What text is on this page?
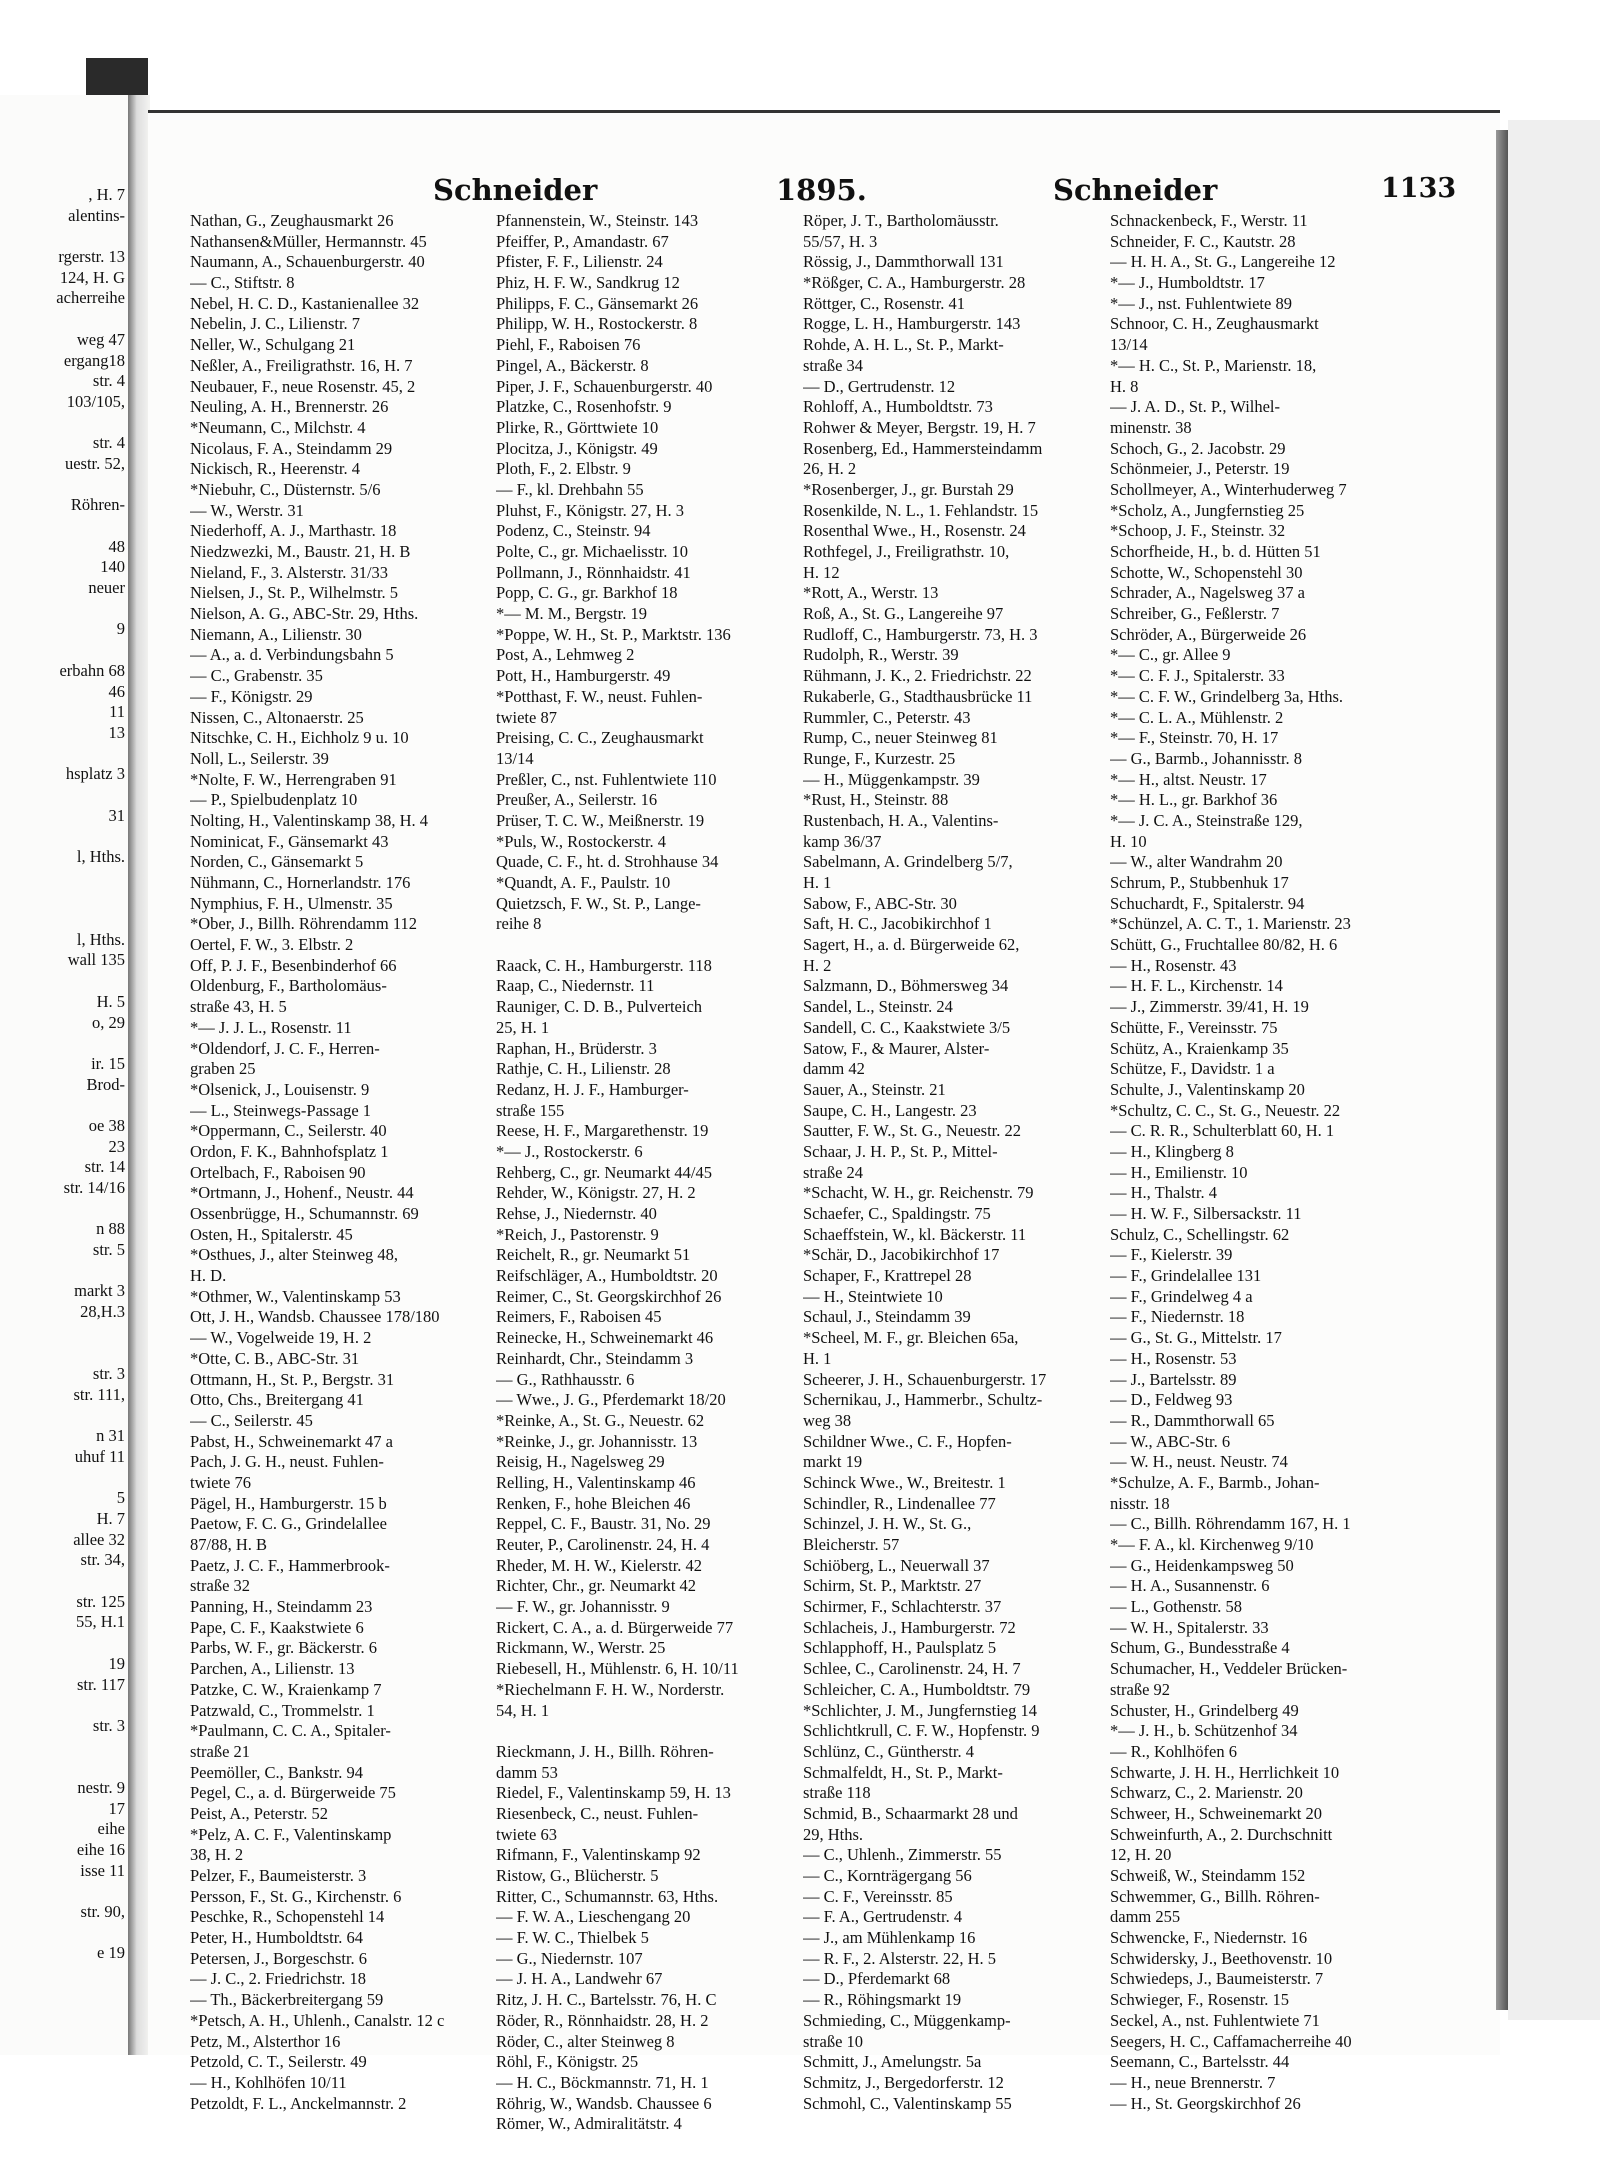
, H. 7
alentins-
rgerstr. 13
124, H. G
acherreihe
weg 47
ergang18
str. 4
103/105,
str. 4
uestr. 52,
Röhren-
48
140
neuer
9
erbahn 68
46
11
13
hsplatz 3
31
l, Hths.
l, Hths.
wall 135
H. 5
o, 29
ir. 15
Brod-
oe 38
23
str. 14
str. 14/16
n 88
str. 5
markt 3
28,H.3
str. 3
str. 111,
n 31
uhuf 11
5
H. 7
allee 32
str. 34,
str. 125
55, H.1
19
str. 117
str. 3
nestr. 9
17
eihe
eihe 16
isse 11
str. 90,
e 19
Schneider	1895.	Schneider	1133
Nathan, G., Zeughausmarkt 26
Nathansen&Müller, Hermannstr. 45
Naumann, A., Schauenburgerstr. 40
— C., Stiftstr. 8
Nebel, H. C. D., Kastanienallee 32
Nebelin, J. C., Lilienstr. 7
Neller, W., Schulgang 21
Neßler, A., Freiligrathstr. 16, H. 7
Neubauer, F., neue Rosenstr. 45, 2
Neuling, A. H., Brennerstr. 26
*Neumann, C., Milchstr. 4
Nicolaus, F. A., Steindamm 29
Nickisch, R., Heerenstr. 4
*Niebuhr, C., Düsternstr. 5/6
— W., Werstr. 31
Niederhoff, A. J., Marthastr. 18
Niedzwezki, M., Baustr. 21, H. B
Nieland, F., 3. Alsterstr. 31/33
Nielsen, J., St. P., Wilhelmstr. 5
Nielson, A. G., ABC-Str. 29, Hths.
Niemann, A., Lilienstr. 30
— A., a. d. Verbindungsbahn 5
— C., Grabenstr. 35
— F., Königstr. 29
Nissen, C., Altonaerstr. 25
Nitschke, C. H., Eichholz 9 u. 10
Noll, L., Seilerstr. 39
*Nolte, F. W., Herrengraben 91
— P., Spielbudenplatz 10
Nolting, H., Valentinskamp 38, H. 4
Nominicat, F., Gänsemarkt 43
Norden, C., Gänsemarkt 5
Nühmann, C., Hornerlandstr. 176
Nymphius, F. H., Ulmenstr. 35
*Ober, J., Billh. Röhrendamm 112
Oertel, F. W., 3. Elbstr. 2
Off, P. J. F., Besenbinderhof 66
Oldenburg, F., Bartholomäus-
straße 43, H. 5
*— J. J. L., Rosenstr. 11
*Oldendorf, J. C. F., Herren-
graben 25
*Olsenick, J., Louisenstr. 9
— L., Steinwegs-Passage 1
*Oppermann, C., Seilerstr. 40
Ordon, F. K., Bahnhofsplatz 1
Ortelbach, F., Raboisen 90
*Ortmann, J., Hohenf., Neustr. 44
Ossenbrügge, H., Schumannstr. 69
Osten, H., Spitalerstr. 45
*Osthues, J., alter Steinweg 48,
H. D.
*Othmer, W., Valentinskamp 53
Ott, J. H., Wandsb. Chaussee 178/180
— W., Vogelweide 19, H. 2
*Otte, C. B., ABC-Str. 31
Ottmann, H., St. P., Bergstr. 31
Otto, Chs., Breitergang 41
— C., Seilerstr. 45
Pabst, H., Schweinemarkt 47 a
Pach, J. G. H., neust. Fuhlen-
twiete 76
Pägel, H., Hamburgerstr. 15 b
Paetow, F. C. G., Grindelallee
87/88, H. B
Paetz, J. C. F., Hammerbrook-
straße 32
Panning, H., Steindamm 23
Pape, C. F., Kaakstwiete 6
Parbs, W. F., gr. Bäckerstr. 6
Parchen, A., Lilienstr. 13
Patzke, C. W., Kraienkamp 7
Patzwald, C., Trommelstr. 1
*Paulmann, C. C. A., Spitaler-
straße 21
Peemöller, C., Bankstr. 94
Pegel, C., a. d. Bürgerweide 75
Peist, A., Peterstr. 52
*Pelz, A. C. F., Valentinskamp
38, H. 2
Pelzer, F., Baumeisterstr. 3
Persson, F., St. G., Kirchenstr. 6
Peschke, R., Schopenstehl 14
Peter, H., Humboldtstr. 64
Petersen, J., Borgeschstr. 6
— J. C., 2. Friedrichstr. 18
— Th., Bäckerbreitergang 59
*Petsch, A. H., Uhlenh., Canalstr. 12 c
Petz, M., Alsterthor 16
Petzold, C. T., Seilerstr. 49
— H., Kohlhöfen 10/11
Petzoldt, F. L., Anckelmannstr. 2
Pfannenstein, W., Steinstr. 143
Pfeiffer, P., Amandastr. 67
Pfister, F. F., Lilienstr. 24
Phiz, H. F. W., Sandkrug 12
Philipps, F. C., Gänsemarkt 26
Philipp, W. H., Rostockerstr. 8
Piehl, F., Raboisen 76
Pingel, A., Bäckerstr. 8
Piper, J. F., Schauenburgerstr. 40
Platzke, C., Rosenhofstr. 9
Plirke, R., Görttwiete 10
Plocitza, J., Königstr. 49
Ploth, F., 2. Elbstr. 9
— F., kl. Drehbahn 55
Pluhst, F., Königstr. 27, H. 3
Podenz, C., Steinstr. 94
Polte, C., gr. Michaelisstr. 10
Pollmann, J., Rönnhaidstr. 41
Popp, C. G., gr. Barkhof 18
*— M. M., Bergstr. 19
*Poppe, W. H., St. P., Marktstr. 136
Post, A., Lehmweg 2
Pott, H., Hamburgerstr. 49
*Potthast, F. W., neust. Fuhlen-
twiete 87
Preising, C. C., Zeughausmarkt
13/14
Preßler, C., nst. Fuhlentwiete 110
Preußer, A., Seilerstr. 16
Prüser, T. C. W., Meißnerstr. 19
*Puls, W., Rostockerstr. 4
Quade, C. F., ht. d. Strohhause 34
*Quandt, A. F., Paulstr. 10
Quietzsch, F. W., St. P., Lange-
reihe 8
Raack, C. H., Hamburgerstr. 118
Raap, C., Niedernstr. 11
Rauniger, C. D. B., Pulverteich
25, H. 1
Raphan, H., Brüderstr. 3
Rathje, C. H., Lilienstr. 28
Redanz, H. J. F., Hamburger-
straße 155
Reese, H. F., Margarethenstr. 19
*— J., Rostockerstr. 6
Rehberg, C., gr. Neumarkt 44/45
Rehder, W., Königstr. 27, H. 2
Rehse, J., Niedernstr. 40
*Reich, J., Pastorenstr. 9
Reichelt, R., gr. Neumarkt 51
Reifschläger, A., Humboldtstr. 20
Reimer, C., St. Georgskirchhof 26
Reimers, F., Raboisen 45
Reinecke, H., Schweinemarkt 46
Reinhardt, Chr., Steindamm 3
— G., Rathhausstr. 6
— Wwe., J. G., Pferdemarkt 18/20
*Reinke, A., St. G., Neuestr. 62
*Reinke, J., gr. Johannisstr. 13
Reisig, H., Nagelsweg 29
Relling, H., Valentinskamp 46
Renken, F., hohe Bleichen 46
Reppel, C. F., Baustr. 31, No. 29
Reuter, P., Carolinenstr. 24, H. 4
Rheder, M. H. W., Kielerstr. 42
Richter, Chr., gr. Neumarkt 42
— F. W., gr. Johannisstr. 9
Rickert, C. A., a. d. Bürgerweide 77
Rickmann, W., Werstr. 25
Riebesell, H., Mühlenstr. 6, H. 10/11
*Riechelmann F. H. W., Norderstr.
54, H. 1
Rieckmann, J. H., Billh. Röhren-
damm 53
Riedel, F., Valentinskamp 59, H. 13
Riesenbeck, C., neust. Fuhlen-
twiete 63
Rifmann, F., Valentinskamp 92
Ristow, G., Blücherstr. 5
Ritter, C., Schumannstr. 63, Hths.
— F. W. A., Lieschengang 20
— F. W. C., Thielbek 5
— G., Niedernstr. 107
— J. H. A., Landwehr 67
Ritz, J. H. C., Bartelsstr. 76, H. C
Röder, R., Rönnhaidstr. 28, H. 2
Röder, C., alter Steinweg 8
Röhl, F., Königstr. 25
— H. C., Böckmannstr. 71, H. 1
Röhrig, W., Wandsb. Chaussee 6
Römer, W., Admiralitätstr. 4
Röper, J. T., Bartholomäusstr.
55/57, H. 3
Rössig, J., Dammthorwall 131
*Rößger, C. A., Hamburgerstr. 28
Röttger, C., Rosenstr. 41
Rogge, L. H., Hamburgerstr. 143
Rohde, A. H. L., St. P., Markt-
straße 34
— D., Gertrudenstr. 12
Rohloff, A., Humboldtstr. 73
Rohwer & Meyer, Bergstr. 19, H. 7
Rosenberg, Ed., Hammersteindamm
26, H. 2
*Rosenberger, J., gr. Burstah 29
Rosenkilde, N. L., 1. Fehlandstr. 15
Rosenthal Wwe., H., Rosenstr. 24
Rothfegel, J., Freiligrathstr. 10,
H. 12
*Rott, A., Werstr. 13
Roß, A., St. G., Langereihe 97
Rudloff, C., Hamburgerstr. 73, H. 3
Rudolph, R., Werstr. 39
Rühmann, J. K., 2. Friedrichstr. 22
Rukaberle, G., Stadthausbrücke 11
Rummler, C., Peterstr. 43
Rump, C., neuer Steinweg 81
Runge, F., Kurzestr. 25
— H., Müggenkampstr. 39
*Rust, H., Steinstr. 88
Rustenbach, H. A., Valentins-
kamp 36/37
Sabelmann, A. Grindelberg 5/7,
H. 1
Sabow, F., ABC-Str. 30
Saft, H. C., Jacobikirchhof 1
Sagert, H., a. d. Bürgerweide 62,
H. 2
Salzmann, D., Böhmersweg 34
Sandel, L., Steinstr. 24
Sandell, C. C., Kaakstwiete 3/5
Satow, F., & Maurer, Alster-
damm 42
Sauer, A., Steinstr. 21
Saupe, C. H., Langestr. 23
Sautter, F. W., St. G., Neuestr. 22
Schaar, J. H. P., St. P., Mittel-
straße 24
*Schacht, W. H., gr. Reichenstr. 79
Schaefer, C., Spaldingstr. 75
Schaeffstein, W., kl. Bäckerstr. 11
*Schär, D., Jacobikirchhof 17
Schaper, F., Krattrepel 28
— H., Steintwiete 10
Schaul, J., Steindamm 39
*Scheel, M. F., gr. Bleichen 65a,
H. 1
Scheerer, J. H., Schauenburgerstr. 17
Schernikau, J., Hammerbr., Schultz-
weg 38
Schildner Wwe., C. F., Hopfen-
markt 19
Schinck Wwe., W., Breitestr. 1
Schindler, R., Lindenallee 77
Schinzel, J. H. W., St. G.,
Bleicherstr. 57
Schiöberg, L., Neuerwall 37
Schirm, St. P., Marktstr. 27
Schirmer, F., Schlachterstr. 37
Schlacheis, J., Hamburgerstr. 72
Schlapphoff, H., Paulsplatz 5
Schlee, C., Carolinenstr. 24, H. 7
Schleicher, C. A., Humboldtstr. 79
*Schlichter, J. M., Jungfernstieg 14
Schlichtkrull, C. F. W., Hopfenstr. 9
Schlünz, C., Güntherstr. 4
Schmalfeldt, H., St. P., Markt-
straße 118
Schmid, B., Schaarmarkt 28 und
29, Hths.
— C., Uhlenh., Zimmerstr. 55
— C., Kornträgergang 56
— C. F., Vereinsstr. 85
— F. A., Gertrudenstr. 4
— J., am Mühlenkamp 16
— R. F., 2. Alsterstr. 22, H. 5
— D., Pferdemarkt 68
— R., Röhingsmarkt 19
Schmieding, C., Müggenkamp-
straße 10
Schmitt, J., Amelungstr. 5a
Schmitz, J., Bergedorferstr. 12
Schmohl, C., Valentinskamp 55
Schnackenbeck, F., Werstr. 11
Schneider, F. C., Kautstr. 28
— H. H. A., St. G., Langereihe 12
*— J., Humboldtstr. 17
*— J., nst. Fuhlentwiete 89
Schnoor, C. H., Zeughausmarkt
13/14
*— H. C., St. P., Marienstr. 18,
H. 8
— J. A. D., St. P., Wilhel-
minenstr. 38
Schoch, G., 2. Jacobstr. 29
Schönmeier, J., Peterstr. 19
Schollmeyer, A., Winterhuderweg 7
*Scholz, A., Jungfernstieg 25
*Schoop, J. F., Steinstr. 32
Schorfheide, H., b. d. Hütten 51
Schotte, W., Schopenstehl 30
Schrader, A., Nagelsweg 37 a
Schreiber, G., Feßlerstr. 7
Schröder, A., Bürgerweide 26
*— C., gr. Allee 9
*— C. F. J., Spitalerstr. 33
*— C. F. W., Grindelberg 3a, Hths.
*— C. L. A., Mühlenstr. 2
*— F., Steinstr. 70, H. 17
— G., Barmb., Johannisstr. 8
*— H., altst. Neustr. 17
*— H. L., gr. Barkhof 36
*— J. C. A., Steinstraße 129,
H. 10
— W., alter Wandrahm 20
Schrum, P., Stubbenhuk 17
Schuchardt, F., Spitalerstr. 94
*Schünzel, A. C. T., 1. Marienstr. 23
Schütt, G., Fruchtallee 80/82, H. 6
— H., Rosenstr. 43
— H. F. L., Kirchenstr. 14
— J., Zimmerstr. 39/41, H. 19
Schütte, F., Vereinsstr. 75
Schütz, A., Kraienkamp 35
Schütze, F., Davidstr. 1 a
Schulte, J., Valentinskamp 20
*Schultz, C. C., St. G., Neuestr. 22
— C. R. R., Schulterblatt 60, H. 1
— H., Klingberg 8
— H., Emilienstr. 10
— H., Thalstr. 4
— H. W. F., Silbersackstr. 11
Schulz, C., Schellingstr. 62
— F., Kielerstr. 39
— F., Grindelallee 131
— F., Grindelweg 4 a
— F., Niedernstr. 18
— G., St. G., Mittelstr. 17
— H., Rosenstr. 53
— J., Bartelsstr. 89
— D., Feldweg 93
— R., Dammthorwall 65
— W., ABC-Str. 6
— W. H., neust. Neustr. 74
*Schulze, A. F., Barmb., Johan-
nisstr. 18
— C., Billh. Röhrendamm 167, H. 1
*— F. A., kl. Kirchenweg 9/10
— G., Heidenkampsweg 50
— H. A., Susannenstr. 6
— L., Gothenstr. 58
— W. H., Spitalerstr. 33
Schum, G., Bundesstraße 4
Schumacher, H., Veddeler Brücken-
straße 92
Schuster, H., Grindelberg 49
*— J. H., b. Schützenhof 34
— R., Kohlhöfen 6
Schwarte, J. H. H., Herrlichkeit 10
Schwarz, C., 2. Marienstr. 20
Schweer, H., Schweinemarkt 20
Schweinfurth, A., 2. Durchschnitt
12, H. 20
Schweiß, W., Steindamm 152
Schwemmer, G., Billh. Röhren-
damm 255
Schwencke, F., Niedernstr. 16
Schwidersky, J., Beethovenstr. 10
Schwiedeps, J., Baumeisterstr. 7
Schwieger, F., Rosenstr. 15
Seckel, A., nst. Fuhlentwiete 71
Seegers, H. C., Caffamacherreihe 40
Seemann, C., Bartelsstr. 44
— H., neue Brennerstr. 7
— H., St. Georgskirchhof 26
